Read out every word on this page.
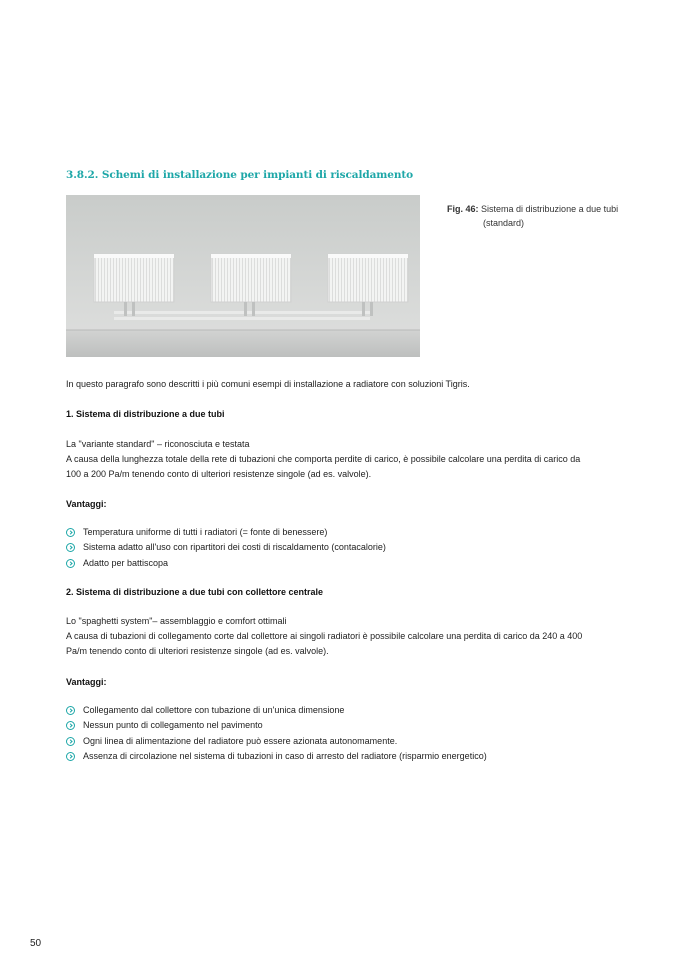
3.8.2. Schemi di installazione per impianti di riscaldamento
Fig. 46: Sistema di distribuzione a due tubi
(standard)
In questo paragrafo sono descritti i più comuni esempi di installazione a radiatore con soluzioni Tigris.
1. Sistema di distribuzione a due tubi
La "variante standard" – riconosciuta e testata
A causa della lunghezza totale della rete di tubazioni che comporta perdite di carico, è possibile calcolare una perdita di carico da
100 a 200 Pa/m tenendo conto di ulteriori resistenze singole (ad es. valvole).
Vantaggi:
Temperatura uniforme di tutti i radiatori (= fonte di benessere)
Sistema adatto all'uso con ripartitori dei costi di riscaldamento (contacalorie)
Adatto per battiscopa
2. Sistema di distribuzione a due tubi con collettore centrale
Lo "spaghetti system"– assemblaggio e comfort ottimali
A causa di tubazioni di collegamento corte dal collettore ai singoli radiatori è possibile calcolare una perdita di carico da 240 a 400
Pa/m tenendo conto di ulteriori resistenze singole (ad es. valvole).
Vantaggi:
Collegamento dal collettore con tubazione di un'unica dimensione
Nessun punto di collegamento nel pavimento
Ogni linea di alimentazione del radiatore può essere azionata autonomamente.
Assenza di circolazione nel sistema di tubazioni in caso di arresto del radiatore (risparmio energetico)
50
